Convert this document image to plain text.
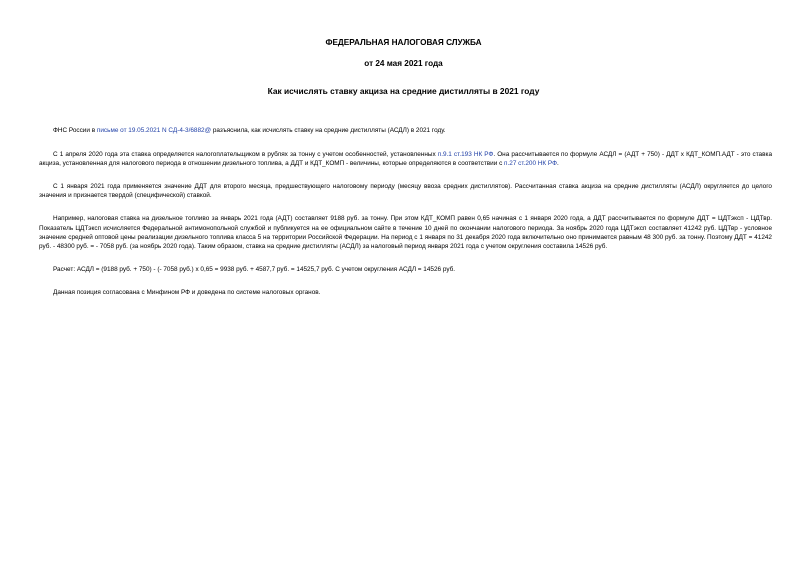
ФЕДЕРАЛЬНАЯ НАЛОГОВАЯ СЛУЖБА

от 24 мая 2021 года

Как исчислять ставку акциза на средние дистилляты в 2021 году

ФНС России в письме от 19.05.2021 N СД-4-3/6882@ разъяснила, как исчислять ставку на средние дистилляты (АСДЛ) в 2021 году.

С 1 апреля 2020 года эта ставка определяется налогоплательщиком в рублях за тонну с учетом особенностей, установленных п.9.1 ст.193 НК РФ. Она рассчитывается по формуле АСДЛ = (АДТ + 750) - ДДТ x КДТ_КОМП.АДТ - это ставка акциза, установленная для налогового периода в отношении дизельного топлива, а ДДТ и КДТ_КОМП - величины, которые определяются в соответствии с п.27 ст.200 НК РФ.

С 1 января 2021 года применяется значение ДДТ для второго месяца, предшествующего налоговому периоду (месяцу ввоза средних дистиллятов). Рассчитанная ставка акциза на средние дистилляты (АСДЛ) округляется до целого значения и признается твердой (специфической) ставкой.

Например, налоговая ставка на дизельное топливо за январь 2021 года (АДТ) составляет 9188 руб. за тонну. При этом КДТ_КОМП равен 0,65 начиная с 1 января 2020 года, а ДДТ рассчитывается по формуле ДДТ = ЦДТэксп - ЦДТвр. Показатель ЦДТэксп исчисляется Федеральной антимонопольной службой и публикуется на ее официальном сайте в течение 10 дней по окончании налогового периода. За ноябрь 2020 года ЦДТэксп составляет 41242 руб. ЦДТвр - условное значение средней оптовой цены реализации дизельного топлива класса 5 на территории Российской Федерации. На период с 1 января по 31 декабря 2020 года включительно оно принимается равным 48 300 руб. за тонну. Поэтому ДДТ = 41242 руб. - 48300 руб. = - 7058 руб. (за ноябрь 2020 года). Таким образом, ставка на средние дистилляты (АСДЛ) за налоговый период января 2021 года с учетом округления составила 14526 руб.

Расчет: АСДЛ = (9188 руб. + 750) - (- 7058 руб.) x 0,65 = 9938 руб. + 4587,7 руб. = 14525,7 руб. С учетом округления АСДЛ = 14526 руб.

Данная позиция согласована с Минфином РФ и доведена по системе налоговых органов.
